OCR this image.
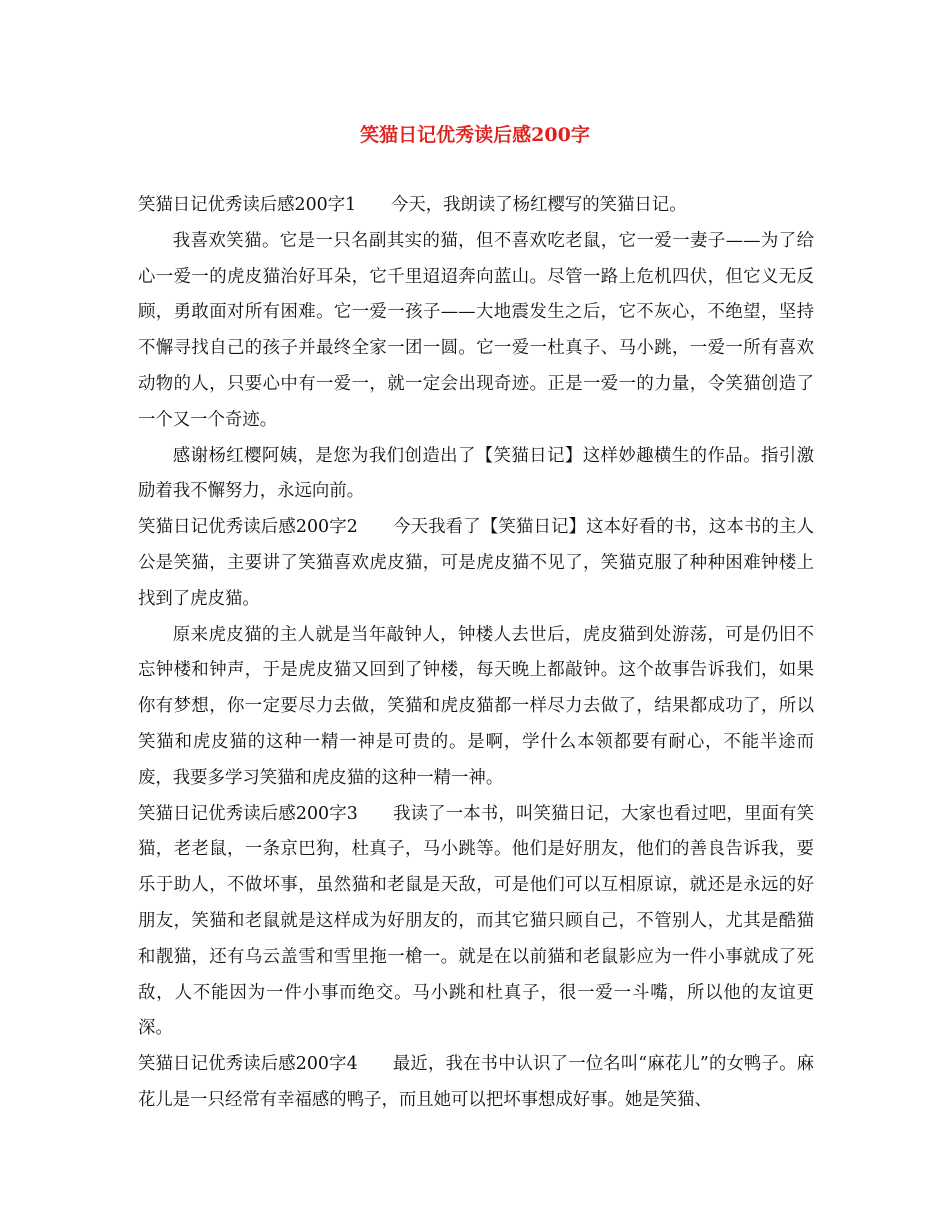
笑猫日记优秀读后感200字

笑猫日记优秀读后感200字1　　今天，我朗读了杨红樱写的笑猫日记。

我喜欢笑猫。它是一只名副其实的猫，但不喜欢吃老鼠，它一爱一妻子——为了给心一爱一的虎皮猫治好耳朵，它千里迢迢奔向蓝山。尽管一路上危机四伏，但它义无反顾，勇敢面对所有困难。它一爱一孩子——大地震发生之后，它不灰心，不绝望，坚持不懈寻找自己的孩子并最终全家一团一圆。它一爱一杜真子、马小跳，一爱一所有喜欢动物的人，只要心中有一爱一，就一定会出现奇迹。正是一爱一的力量，令笑猫创造了一个又一个奇迹。

感谢杨红樱阿姨，是您为我们创造出了【笑猫日记】这样妙趣横生的作品。指引激励着我不懈努力，永远向前。

笑猫日记优秀读后感200字2　　今天我看了【笑猫日记】这本好看的书，这本书的主人公是笑猫，主要讲了笑猫喜欢虎皮猫，可是虎皮猫不见了，笑猫克服了种种困难钟楼上找到了虎皮猫。

原来虎皮猫的主人就是当年敲钟人，钟楼人去世后，虎皮猫到处游荡，可是仍旧不忘钟楼和钟声，于是虎皮猫又回到了钟楼，每天晚上都敲钟。这个故事告诉我们，如果你有梦想，你一定要尽力去做，笑猫和虎皮猫都一样尽力去做了，结果都成功了，所以笑猫和虎皮猫的这种一精一神是可贵的。是啊，学什么本领都要有耐心，不能半途而废，我要多学习笑猫和虎皮猫的这种一精一神。

笑猫日记优秀读后感200字3　　我读了一本书，叫笑猫日记，大家也看过吧，里面有笑猫，老老鼠，一条京巴狗，杜真子，马小跳等。他们是好朋友，他们的善良告诉我，要乐于助人，不做坏事，虽然猫和老鼠是天敌，可是他们可以互相原谅，就还是永远的好朋友，笑猫和老鼠就是这样成为好朋友的，而其它猫只顾自己，不管别人，尤其是酷猫和靓猫，还有乌云盖雪和雪里拖一槍一。就是在以前猫和老鼠影应为一件小事就成了死敌，人不能因为一件小事而绝交。马小跳和杜真子，很一爱一斗嘴，所以他的友谊更深。

笑猫日记优秀读后感200字4　　最近，我在书中认识了一位名叫“麻花儿”的女鸭子。麻花儿是一只经常有幸福感的鸭子，而且她可以把坏事想成好事。她是笑猫、
